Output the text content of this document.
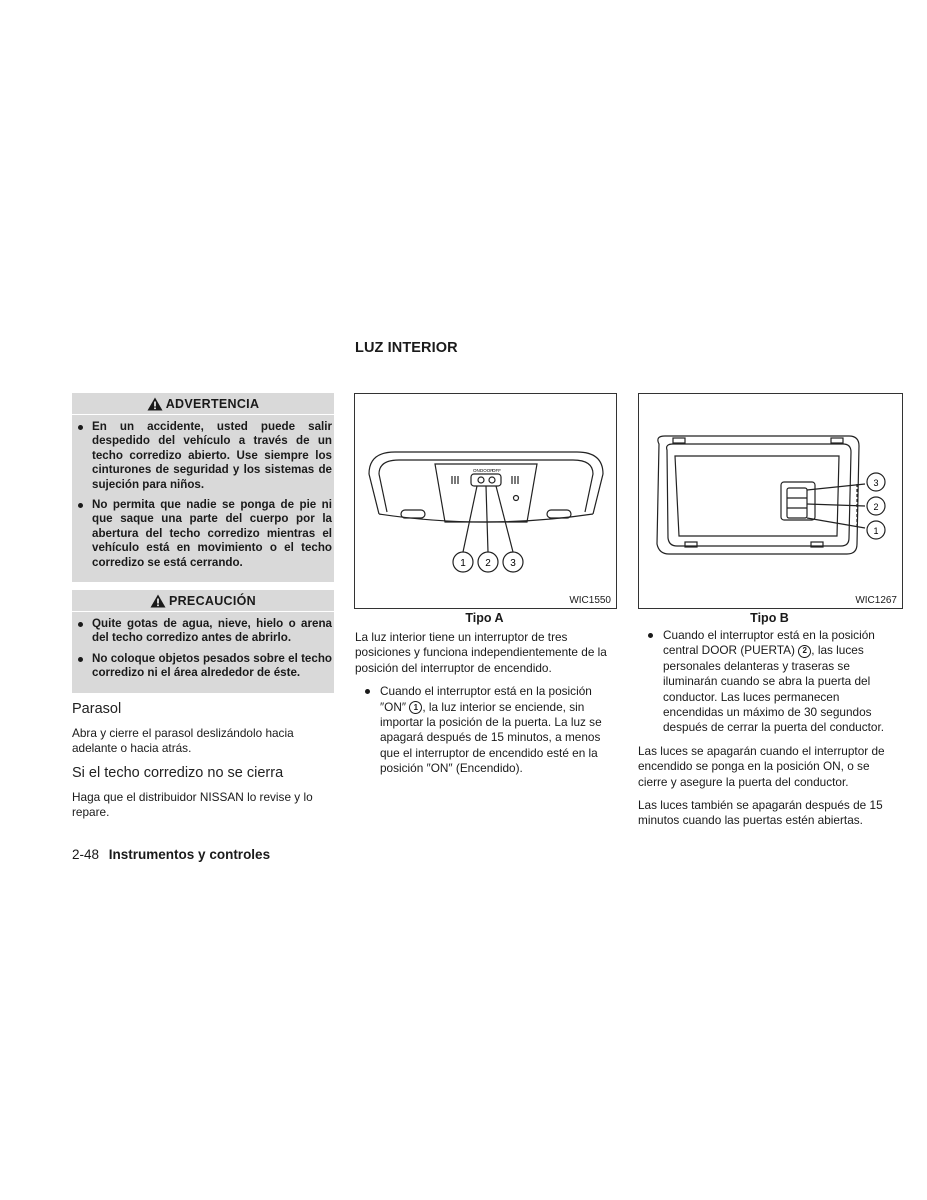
LUZ INTERIOR
ADVERTENCIA
En un accidente, usted puede salir despedido del vehículo a través de un techo corredizo abierto. Use siempre los cinturones de seguridad y los sistemas de sujeción para niños.
No permita que nadie se ponga de pie ni que saque una parte del cuerpo por la abertura del techo corredizo mientras el vehículo está en movimiento o el techo corredizo se está cerrando.
PRECAUCIÓN
Quite gotas de agua, nieve, hielo o arena del techo corredizo antes de abrirlo.
No coloque objetos pesados sobre el techo corredizo ni el área alrededor de éste.
Parasol

Abra y cierre el parasol deslizándolo hacia adelante o hacia atrás.

Si el techo corredizo no se cierra

Haga que el distribuidor NISSAN lo revise y lo repare.

ON DOOR
OFF
1 2 3
WIC1550
3
2
1
WIC1267
Tipo A	Tipo B

La luz interior tiene un interruptor de tres posiciones y funciona independientemente de la posición del interruptor de encendido.

Cuando el interruptor está en la posición ″ON″ 1 , la luz interior se enciende, sin importar la posición de la puerta. La luz se apagará después de 15 minutos, a menos que el interruptor de encendido esté en la posición ″ON″ (Encendido).

Cuando el interruptor está en la posición central DOOR (PUERTA) 2 , las luces personales delanteras y traseras se iluminarán cuando se abra la puerta del conductor. Las luces permanecen encendidas un máximo de 30 segundos después de cerrar la puerta del conductor.

Las luces se apagarán cuando el interruptor de encendido se ponga en la posición ON, o se cierre y asegure la puerta del conductor.

Las luces también se apagarán después de 15 minutos cuando las puertas estén abiertas.

2-48 Instrumentos y controles
